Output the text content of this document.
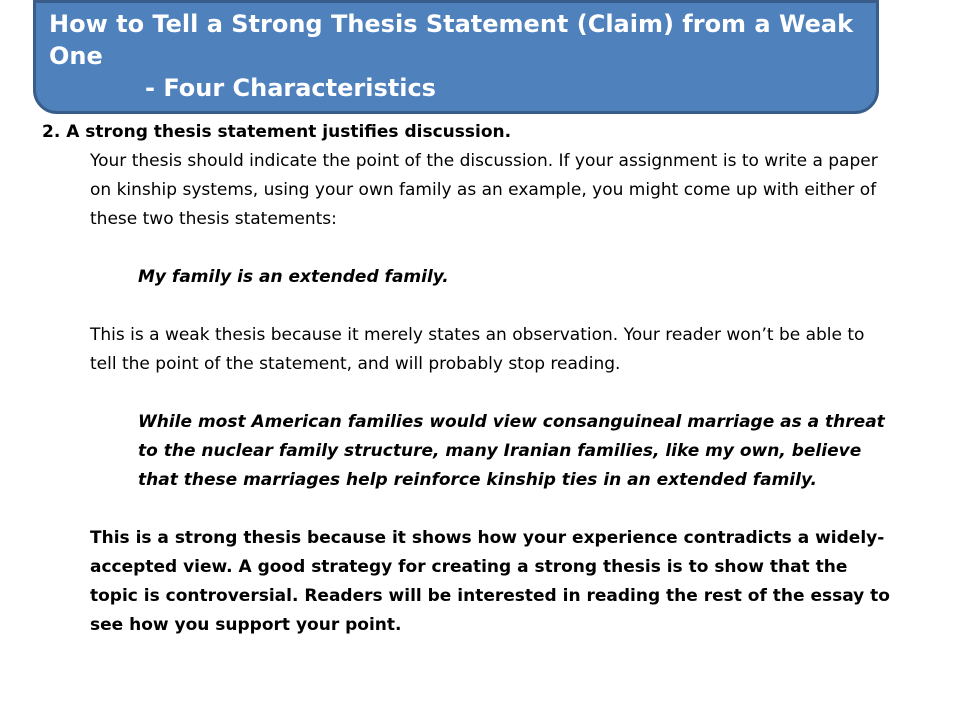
How to Tell a Strong Thesis Statement (Claim) from a Weak One
- Four Characteristics

2. A strong thesis statement justifies discussion.

Your thesis should indicate the point of the discussion. If your assignment is to write a paper on kinship systems, using your own family as an example, you might come up with either of these two thesis statements:

My family is an extended family.

This is a weak thesis because it merely states an observation. Your reader won’t be able to tell the point of the statement, and will probably stop reading.

While most American families would view consanguineal marriage as a threat to the nuclear family structure, many Iranian families, like my own, believe that these marriages help reinforce kinship ties in an extended family.

This is a strong thesis because it shows how your experience contradicts a widely-accepted view. A good strategy for creating a strong thesis is to show that the topic is controversial. Readers will be interested in reading the rest of the essay to see how you support your point.
